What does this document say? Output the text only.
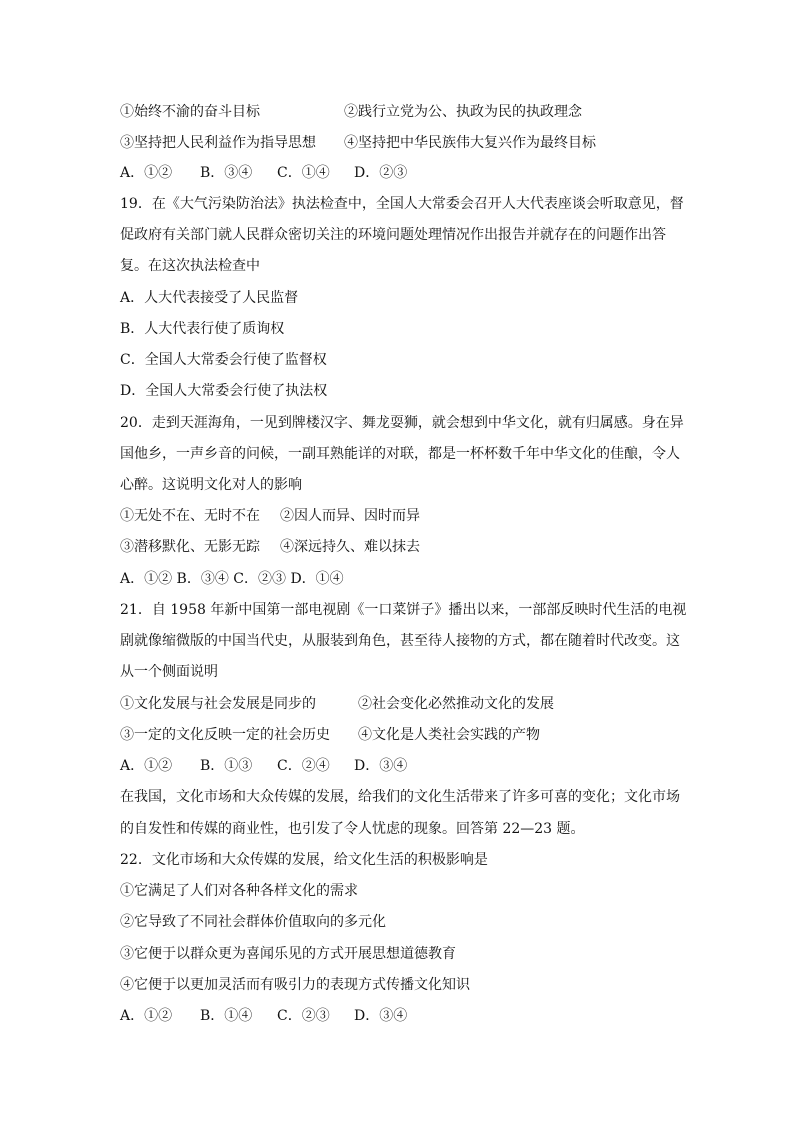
①始终不渝的奋斗目标	②践行立党为公、执政为民的执政理念
③坚持把人民利益作为指导思想 ④坚持把中华民族伟大复兴作为最终目标
A．①② B．③④ C．①④ D．②③
19．在《大气污染防治法》执法检查中，全国人大常委会召开人大代表座谈会听取意见，督
促政府有关部门就人民群众密切关注的环境问题处理情况作出报告并就存在的问题作出答
复。在这次执法检查中
A．人大代表接受了人民监督
B．人大代表行使了质询权
C．全国人大常委会行使了监督权
D．全国人大常委会行使了执法权
20．走到天涯海角，一见到牌楼汉字、舞龙耍狮，就会想到中华文化，就有归属感。身在异
国他乡，一声乡音的问候，一副耳熟能详的对联，都是一杯杯数千年中华文化的佳酿，令人
心醉。这说明文化对人的影响
①无处不在、无时不在 ②因人而异、因时而异
③潜移默化、无影无踪 ④深远持久、难以抹去
A．①② B．③④ C．②③ D．①④
21．自 1958 年新中国第一部电视剧《一口菜饼子》播出以来，一部部反映时代生活的电视
剧就像缩微版的中国当代史，从服装到角色，甚至待人接物的方式，都在随着时代改变。这
从一个侧面说明
①文化发展与社会发展是同步的	②社会变化必然推动文化的发展
③一定的文化反映一定的社会历史 ④文化是人类社会实践的产物
A．①② B．①③ C．②④ D．③④
在我国，文化市场和大众传媒的发展，给我们的文化生活带来了许多可喜的变化；文化市场
的自发性和传媒的商业性，也引发了令人忧虑的现象。回答第 22—23 题。
22．文化市场和大众传媒的发展，给文化生活的积极影响是
①它满足了人们对各种各样文化的需求
②它导致了不同社会群体价值取向的多元化
③它便于以群众更为喜闻乐见的方式开展思想道德教育
④它便于以更加灵活而有吸引力的表现方式传播文化知识
A．①② B．①④ C．②③ D．③④
